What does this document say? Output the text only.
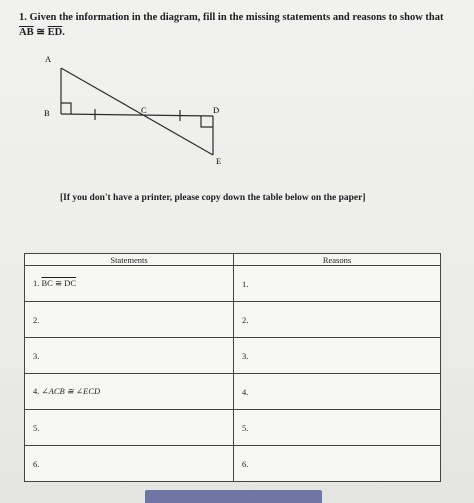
1. Given the information in the diagram, fill in the missing statements and reasons to show that
$\overline{AB}$ ≅ $\overline{ED}$.
A
B	C	D
E
[If you don't have a printer, please copy down the table below on the paper]
Statements	Reasons
1. BC ≅ DC	1.
2.	2.
3.	3.
4. ∠ACB ≅ ∠ECD	4.
5.	5.
6.	6.
